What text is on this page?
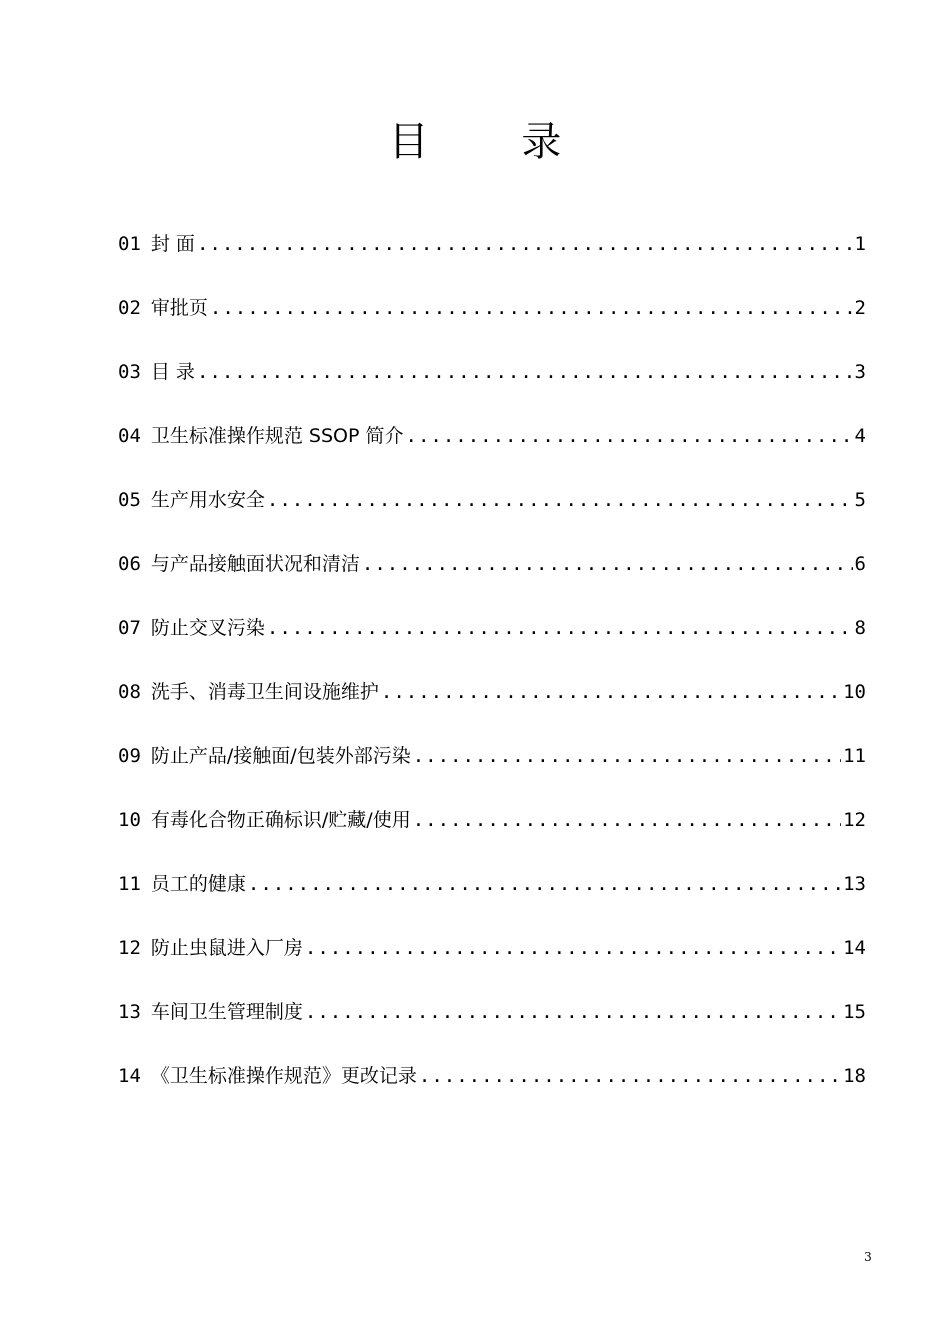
目 录
01 封 面 .....	1
02 审批页 .....	2
03 目 录 .....	3
04 卫生标准操作规范 SSOP 简介 .....	4
05 生产用水安全 .....	5
06 与产品接触面状况和清洁 .....	6
07 防止交叉污染 .....	8
08 洗手、消毒卫生间设施维护 .....	10
09 防止产品/接触面/包装外部污染 .....	11
10 有毒化合物正确标识/贮藏/使用 .....	12
11 员工的健康 .....	13
12 防止虫鼠进入厂房 .....	14
13 车间卫生管理制度 .....	15
14 《卫生标准操作规范》更改记录 .....	18
3
